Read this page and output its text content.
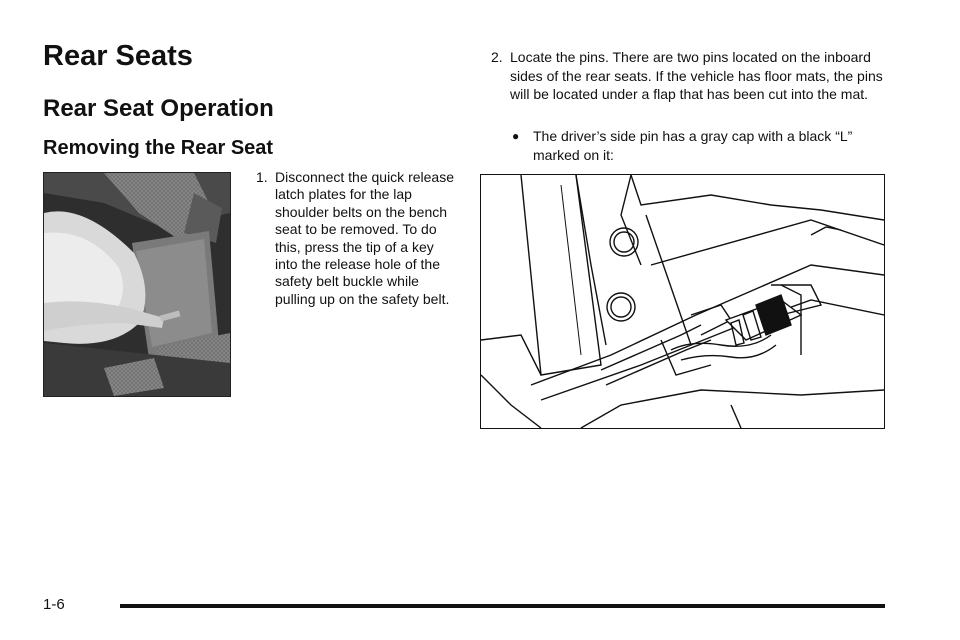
Rear Seats
Rear Seat Operation
Removing the Rear Seat
1. Disconnect the quick release latch plates for the lap shoulder belts on the bench seat to be removed. To do this, press the tip of a key into the release hole of the safety belt buckle while pulling up on the safety belt.
2. Locate the pins. There are two pins located on the inboard sides of the rear seats. If the vehicle has floor mats, the pins will be located under a flap that has been cut into the mat.
● The driver’s side pin has a gray cap with a black “L” marked on it:
1-6
